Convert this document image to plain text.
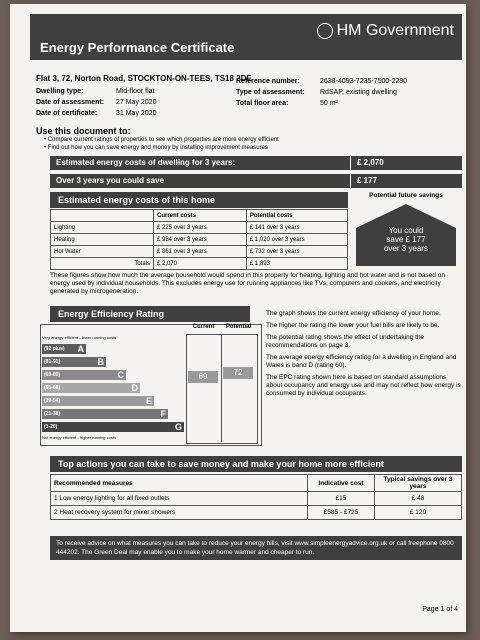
Energy Performance Certificate
HM Government
Flat 3, 72, Norton Road, STOCKTON-ON-TEES, TS18 2DE
Dwelling type:	Mid-floor flat
Date of assessment: 27 May 2020
Date of certificate:	31 May 2020
Reference number:	2638-4093-7235-7500-2290
Type of assessment: RdSAP, existing dwelling
Total floor area:	50 m²
Use this document to:
• Compare current ratings of properties to see which properties are more energy efficient
• Find out how you can save energy and money by installing improvement measures
Estimated energy costs of dwelling for 3 years:	£ 2,070
Over 3 years you could save	£ 177
Estimated energy costs of this home	Potential future savings
	Current costs	Potential costs
Lighting	£ 225 over 3 years	£ 141 over 3 years
Heating	£ 984 over 3 years	£ 1,020 over 3 years
Hot Water	£ 861 over 3 years	£ 732 over 3 years
Totals	£ 2,070	£ 1,893
You could
save £ 177
over 3 years
These figures show how much the average household would spend in this property for heating, lighting and hot water and is not based on energy used by individual households. This excludes energy use for running appliances like TVs, computers and cookers, and electricity generated by microgeneration.
Energy Efficiency Rating
Current	Potential
Very energy efficient - lower running costs
(92 plus) A
(81-91)	B
(69-80)	C
(55-68)	D
(39-54)	E
(21-38)	F
(1-20)	G
Not energy efficient - higher running costs
69	72
The graph shows the current energy efficiency of your home.
The higher the rating the lower your fuel bills are likely to be.
The potential rating shows the effect of undertaking the recommendations on page 3.
The average energy efficiency rating for a dwelling in England and Wales is band D (rating 60).
The EPC rating shown here is based on standard assumptions about occupancy and energy use and may not reflect how energy is consumed by individual occupants.
Top actions you can take to save money and make your home more efficient
Recommended measures	Indicative cost	Typical savings over 3 years
1 Low energy lighting for all fixed outlets	£15	£ 48
2 Heat recovery system for mixer showers	£585 - £725	£ 129
To receive advice on what measures you can take to reduce your energy bills, visit www.simpleenergyadvice.org.uk or call freephone 0800 444202. The Green Deal may enable you to make your home warmer and cheaper to run.
Page 1 of 4
